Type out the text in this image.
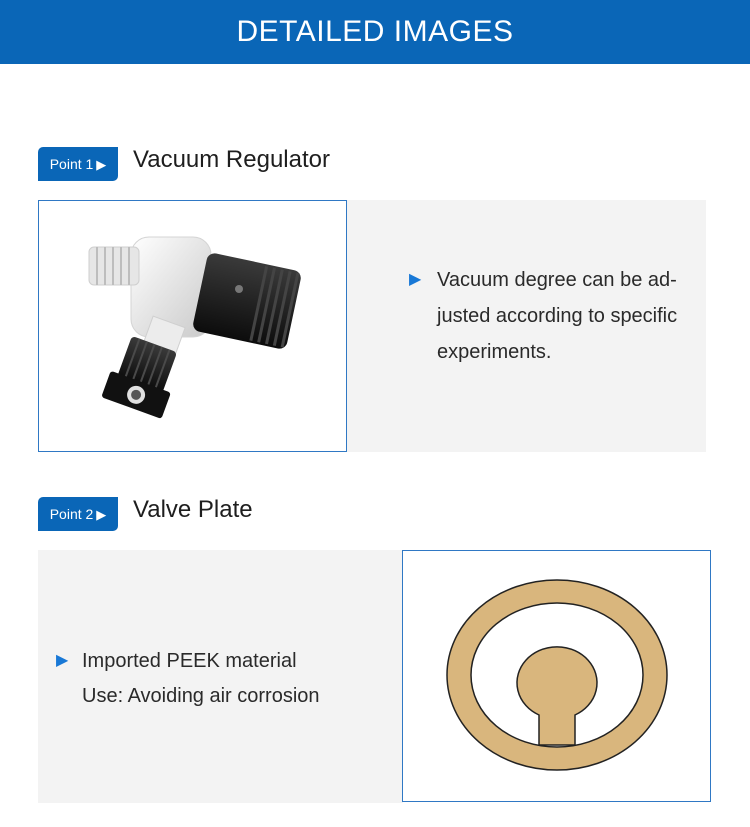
DETAILED IMAGES
Point 1 ▶ Vacuum Regulator
▶ Vacuum degree can be ad-
justed according to specific
experiments.
Point 2 ▶ Valve Plate
▶ Imported PEEK material
Use: Avoiding air corrosion
